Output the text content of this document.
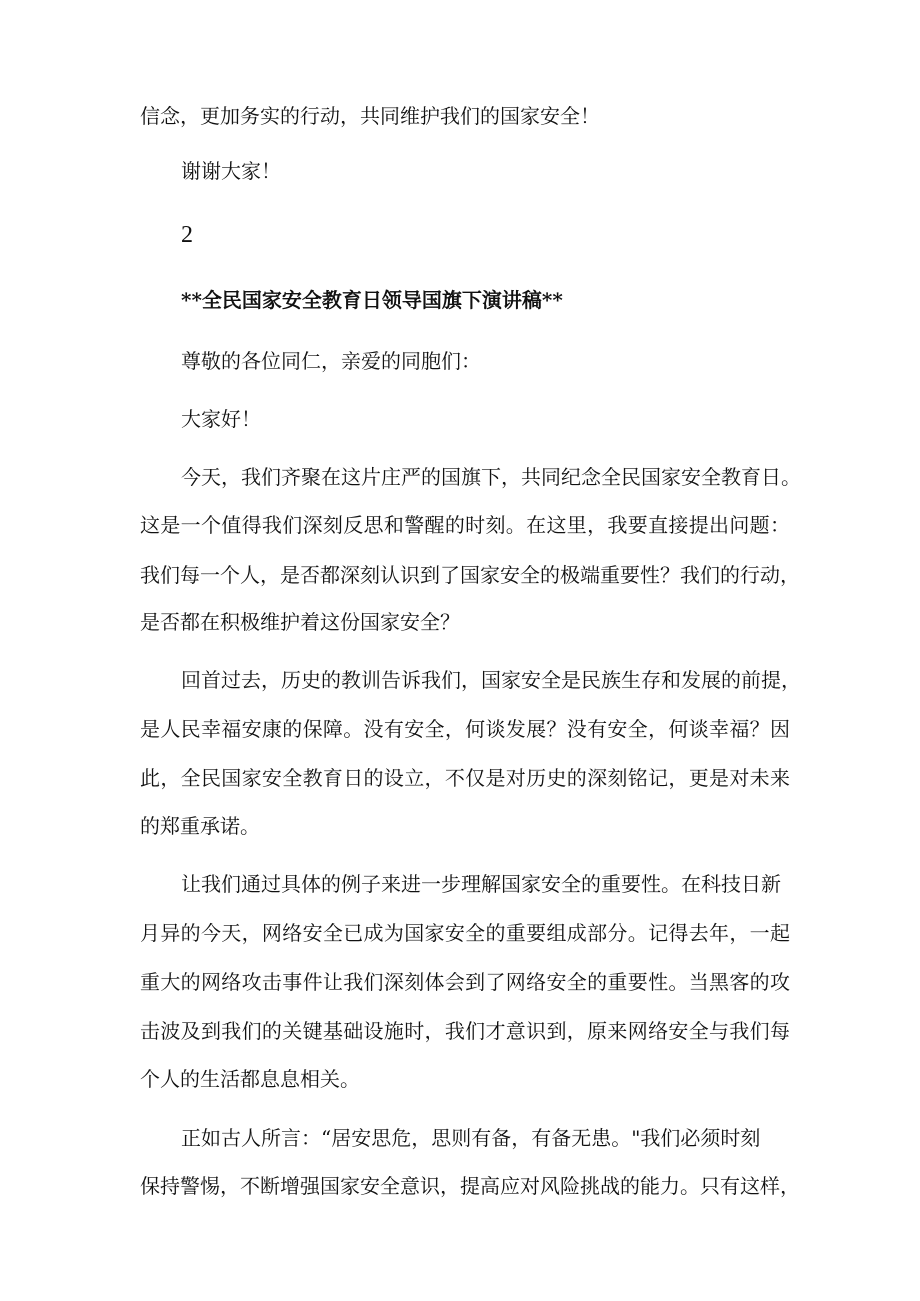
信念，更加务实的行动，共同维护我们的国家安全！
谢谢大家！
2
**全民国家安全教育日领导国旗下演讲稿**
尊敬的各位同仁，亲爱的同胞们：
大家好！
今天，我们齐聚在这片庄严的国旗下，共同纪念全民国家安全教育日。
这是一个值得我们深刻反思和警醒的时刻。在这里，我要直接提出问题：
我们每一个人，是否都深刻认识到了国家安全的极端重要性？我们的行动，
是否都在积极维护着这份国家安全？
回首过去，历史的教训告诉我们，国家安全是民族生存和发展的前提，
是人民幸福安康的保障。没有安全，何谈发展？没有安全，何谈幸福？因
此，全民国家安全教育日的设立，不仅是对历史的深刻铭记，更是对未来
的郑重承诺。
让我们通过具体的例子来进一步理解国家安全的重要性。在科技日新
月异的今天，网络安全已成为国家安全的重要组成部分。记得去年，一起
重大的网络攻击事件让我们深刻体会到了网络安全的重要性。当黑客的攻
击波及到我们的关键基础设施时，我们才意识到，原来网络安全与我们每
个人的生活都息息相关。
正如古人所言：“居安思危，思则有备，有备无患。"我们必须时刻
保持警惕，不断增强国家安全意识，提高应对风险挑战的能力。只有这样，
